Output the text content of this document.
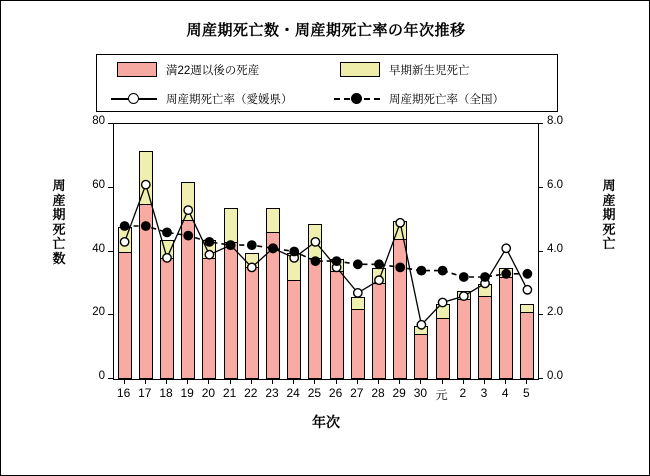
周産期死亡数・周産期死亡率の年次推移
満22週以後の死産	早期新生児死亡
周産期死亡率（愛媛県）	周産期死亡率（全国）
周
産
期
死
亡
数
周
産
期
死
亡
0
20
40
60
80
0.0
2.0
4.0
6.0
8.0
16 17 18 19 20 21 22 23 24 25 26 27 28 29 30 元 2	3	4	5
年次
